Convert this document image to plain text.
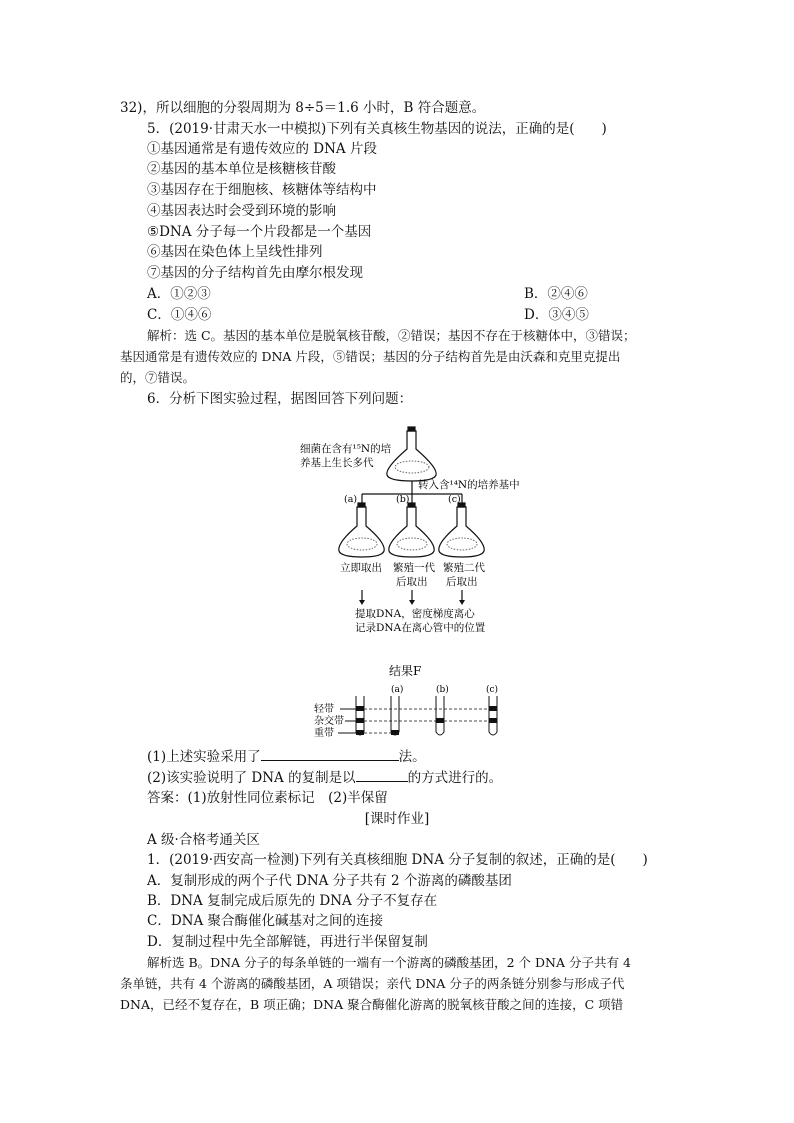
32)，所以细胞的分裂周期为 8÷5＝1.6 小时，B 符合题意。
5．(2019·甘肃天水一中模拟)下列有关真核生物基因的说法，正确的是(　　)
①基因通常是有遗传效应的 DNA 片段
②基因的基本单位是核糖核苷酸
③基因存在于细胞核、核糖体等结构中
④基因表达时会受到环境的影响
⑤DNA 分子每一个片段都是一个基因
⑥基因在染色体上呈线性排列
⑦基因的分子结构首先由摩尔根发现
A．①②③	B．②④⑥
C．①④⑥	D．③④⑤
解析：选 C。基因的基本单位是脱氧核苷酸，②错误；基因不存在于核糖体中，③错误；
基因通常是有遗传效应的 DNA 片段，⑤错误；基因的分子结构首先是由沃森和克里克提出
的，⑦错误。
6．分析下图实验过程，据图回答下列问题：
细菌在含有¹⁵N的培
养基上生长多代
转入含¹⁴N的培养基中
(a)	(b)	(c)
立即取出 繁殖一代
后取出
繁殖二代
后取出
提取DNA，密度梯度离心
记录DNA在离心管中的位置
结果F
(a)	(b)	(c)
轻带
杂交带
重带
(1)上述实验采用了	法。
(2)该实验说明了 DNA 的复制是以	的方式进行的。
答案：(1)放射性同位素标记　(2)半保留
[课时作业]
A 级·合格考通关区
1．(2019·西安高一检测)下列有关真核细胞 DNA 分子复制的叙述，正确的是(　　)
A．复制形成的两个子代 DNA 分子共有 2 个游离的磷酸基团
B．DNA 复制完成后原先的 DNA 分子不复存在
C．DNA 聚合酶催化碱基对之间的连接
D．复制过程中先全部解链，再进行半保留复制
解析选 B。DNA 分子的每条单链的一端有一个游离的磷酸基团，2 个 DNA 分子共有 4
条单链，共有 4 个游离的磷酸基团，A 项错误；亲代 DNA 分子的两条链分别参与形成子代
DNA，已经不复存在，B 项正确；DNA 聚合酶催化游离的脱氧核苷酸之间的连接，C 项错
